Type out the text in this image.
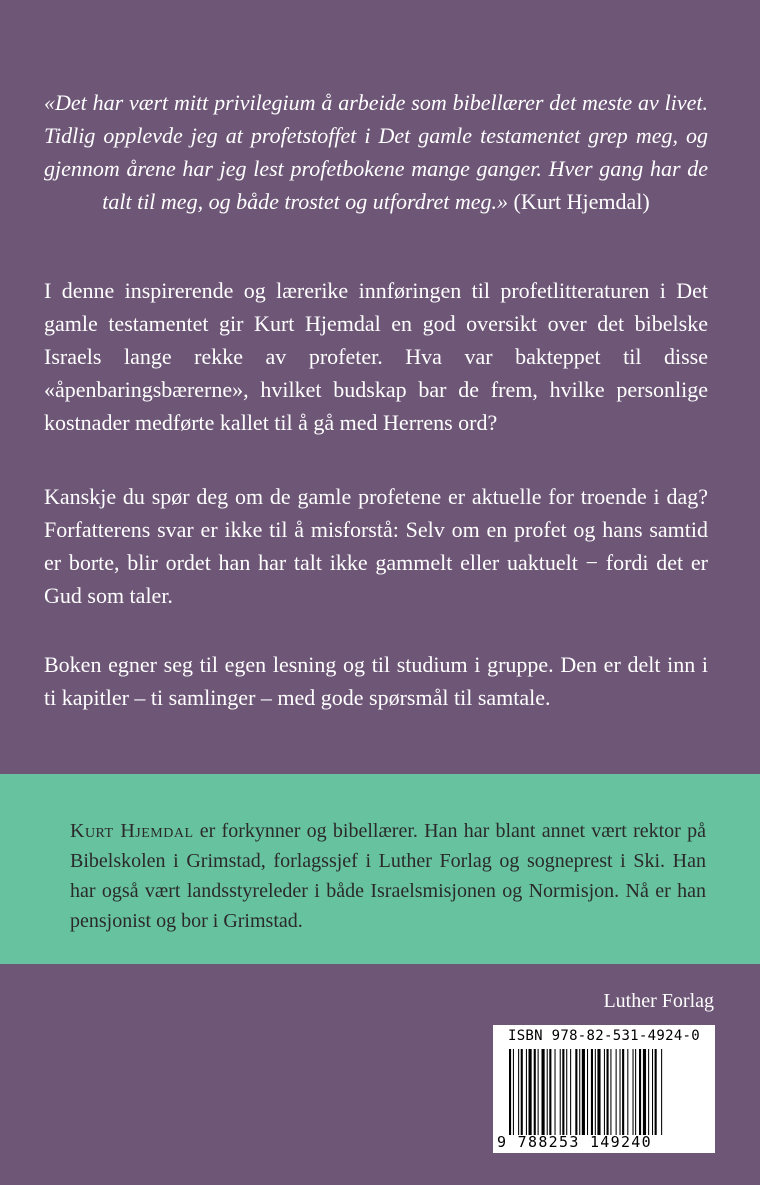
«Det har vært mitt privilegium å arbeide som bibellærer det meste av livet. Tidlig opplevde jeg at profetstoffet i Det gamle testamentet grep meg, og gjennom årene har jeg lest profetbokene mange ganger. Hver gang har de talt til meg, og både trostet og utfordret meg.» (Kurt Hjemdal)
I denne inspirerende og lærerike innføringen til profetlitteraturen i Det gamle testamentet gir Kurt Hjemdal en god oversikt over det bibelske Israels lange rekke av profeter. Hva var bakteppet til disse «åpenbaringsbærerne», hvilket budskap bar de frem, hvilke personlige kostnader medførte kallet til å gå med Herrens ord?
Kanskje du spør deg om de gamle profetene er aktuelle for troende i dag? Forfatterens svar er ikke til å misforstå: Selv om en profet og hans samtid er borte, blir ordet han har talt ikke gammelt eller uaktuelt − fordi det er Gud som taler.
Boken egner seg til egen lesning og til studium i gruppe. Den er delt inn i ti kapitler – ti samlinger – med gode spørsmål til samtale.
Kurt Hjemdal er forkynner og bibellærer. Han har blant annet vært rektor på Bibelskolen i Grimstad, forlagssjef i Luther Forlag og sogneprest i Ski. Han har også vært landsstyreleder i både Israelsmisjonen og Normisjon. Nå er han pensjonist og bor i Grimstad.
Luther Forlag
ISBN 978-82-531-4924-0
9 788253 149240
